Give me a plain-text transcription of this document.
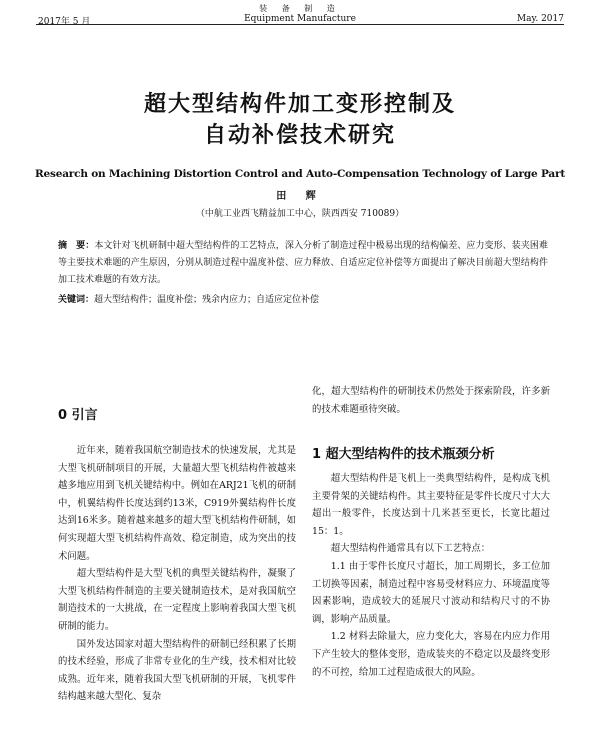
2017年 5 月
装 备 制 造
Equipment Manufacture	May. 2017
超大型结构件加工变形控制及
自动补偿技术研究
Research on Machining Distortion Control and Auto-Compensation Technology of Large Part
田 辉
（中航工业西飞精益加工中心，陕西西安 710089）
摘　要：本文针对飞机研制中超大型结构件的工艺特点，深入分析了制造过程中极易出现的结构偏差、应力变形、装夹困难等主要技术难题的产生原因，分别从制造过程中温度补偿、应力释放、自适应定位补偿等方面提出了解决目前超大型结构件加工技术难题的有效方法。
关键词：超大型结构件；温度补偿；残余内应力；自适应定位补偿
0 引言

近年来，随着我国航空制造技术的快速发展，尤其是大型飞机研制项目的开展，大量超大型飞机结构件被越来越多地应用到飞机关键结构中。例如在ARJ21飞机的研制中，机翼结构件长度达到约13米，C919外翼结构件长度达到16米多。随着越来越多的超大型飞机结构件研制，如何实现超大型飞机结构件高效、稳定制造，成为突出的技术问题。

超大型结构件是大型飞机的典型关键结构件，凝聚了大型飞机结构件制造的主要关键制造技术，是对我国航空制造技术的一大挑战，在一定程度上影响着我国大型飞机研制的能力。

国外发达国家对超大型结构件的研制已经积累了长期的技术经验，形成了非常专业化的生产线，技术相对比较成熟。近年来，随着我国大型飞机研制的开展，飞机零件结构越来越大型化、复杂

化，超大型结构件的研制技术仍然处于探索阶段，许多新的技术难题亟待突破。

1 超大型结构件的技术瓶颈分析

超大型结构件是飞机上一类典型结构件，是构成飞机主要骨架的关键结构件。其主要特征是零件长度尺寸大大超出一般零件，长度达到十几米甚至更长，长宽比超过15：1。

超大型结构件通常具有以下工艺特点：

1.1 由于零件长度尺寸超长，加工周期长，多工位加工切换等因素，制造过程中容易受材料应力、环境温度等因素影响，造成较大的延展尺寸波动和结构尺寸的不协调，影响产品质量。

1.2 材料去除量大，应力变化大，容易在内应力作用下产生较大的整体变形，造成装夹的不稳定以及最终变形的不可控，给加工过程造成很大的风险。
